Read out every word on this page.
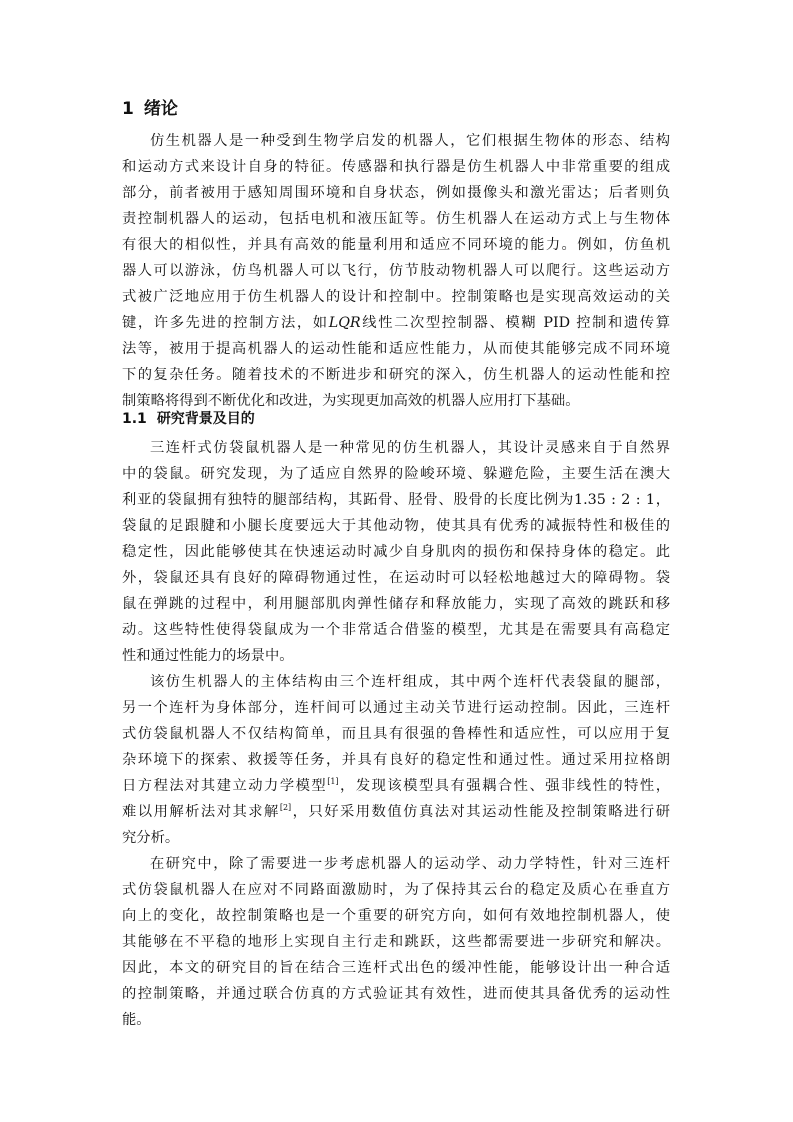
1 绪论
仿生机器人是一种受到生物学启发的机器人，它们根据生物体的形态、结构
和运动方式来设计自身的特征。传感器和执行器是仿生机器人中非常重要的组成
部分，前者被用于感知周围环境和自身状态，例如摄像头和激光雷达；后者则负
责控制机器人的运动，包括电机和液压缸等。仿生机器人在运动方式上与生物体
有很大的相似性，并具有高效的能量利用和适应不同环境的能力。例如，仿鱼机
器人可以游泳，仿鸟机器人可以飞行，仿节肢动物机器人可以爬行。这些运动方
式被广泛地应用于仿生机器人的设计和控制中。控制策略也是实现高效运动的关
键，许多先进的控制方法，如LQR线性二次型控制器、模糊 PID 控制和遗传算
法等，被用于提高机器人的运动性能和适应性能力，从而使其能够完成不同环境
下的复杂任务。随着技术的不断进步和研究的深入，仿生机器人的运动性能和控
制策略将得到不断优化和改进，为实现更加高效的机器人应用打下基础。
1.1 研究背景及目的
三连杆式仿袋鼠机器人是一种常见的仿生机器人，其设计灵感来自于自然界
中的袋鼠。研究发现，为了适应自然界的险峻环境、躲避危险，主要生活在澳大
利亚的袋鼠拥有独特的腿部结构，其跖骨、胫骨、股骨的长度比例为1.35 : 2 : 1，
袋鼠的足跟腱和小腿长度要远大于其他动物，使其具有优秀的减振特性和极佳的
稳定性，因此能够使其在快速运动时减少自身肌肉的损伤和保持身体的稳定。此
外，袋鼠还具有良好的障碍物通过性，在运动时可以轻松地越过大的障碍物。袋
鼠在弹跳的过程中，利用腿部肌肉弹性储存和释放能力，实现了高效的跳跃和移
动。这些特性使得袋鼠成为一个非常适合借鉴的模型，尤其是在需要具有高稳定
性和通过性能力的场景中。
该仿生机器人的主体结构由三个连杆组成，其中两个连杆代表袋鼠的腿部，
另一个连杆为身体部分，连杆间可以通过主动关节进行运动控制。因此，三连杆
式仿袋鼠机器人不仅结构简单，而且具有很强的鲁棒性和适应性，可以应用于复
杂环境下的探索、救援等任务，并具有良好的稳定性和通过性。通过采用拉格朗
日方程法对其建立动力学模型[1]，发现该模型具有强耦合性、强非线性的特性，
难以用解析法对其求解[2]，只好采用数值仿真法对其运动性能及控制策略进行研
究分析。
在研究中，除了需要进一步考虑机器人的运动学、动力学特性，针对三连杆
式仿袋鼠机器人在应对不同路面激励时，为了保持其云台的稳定及质心在垂直方
向上的变化，故控制策略也是一个重要的研究方向，如何有效地控制机器人，使
其能够在不平稳的地形上实现自主行走和跳跃，这些都需要进一步研究和解决。
因此，本文的研究目的旨在结合三连杆式出色的缓冲性能，能够设计出一种合适
的控制策略，并通过联合仿真的方式验证其有效性，进而使其具备优秀的运动性
能。
